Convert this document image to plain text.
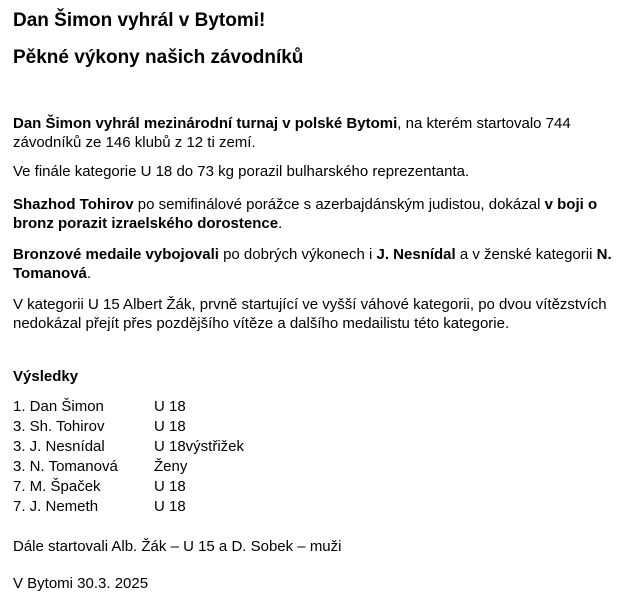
Dan Šimon vyhrál v Bytomi!
Pěkné výkony našich závodníků

Dan Šimon vyhrál mezinárodní turnaj v polské Bytomi, na kterém startovalo 744 závodníků ze 146 klubů z 12 ti zemí.

Ve finále kategorie U 18 do 73 kg porazil bulharského reprezentanta.

Shazhod Tohirov po semifinálové porážce s azerbajdánským judistou, dokázal v boji o bronz porazit izraelského dorostence.

Bronzové medaile vybojovali po dobrých výkonech i J. Nesnídal a v ženské kategorii N. Tomanová.

V kategorii U 15 Albert Žák, prvně startující ve vyšší váhové kategorii, po dvou vítězstvích nedokázal přejít přes pozdějšího vítěze a dalšího medailistu této kategorie.

Výsledky

1. Dan Šimon	U 18
3. Sh. Tohirov	U 18
3. J. Nesnídal	U 18výstřižek
3. N. Tomanová	Ženy
7. M. Špaček	U 18
7. J. Nemeth	U 18

Dále startovali Alb. Žák – U 15 a D. Sobek – muži

V Bytomi 30.3. 2025
